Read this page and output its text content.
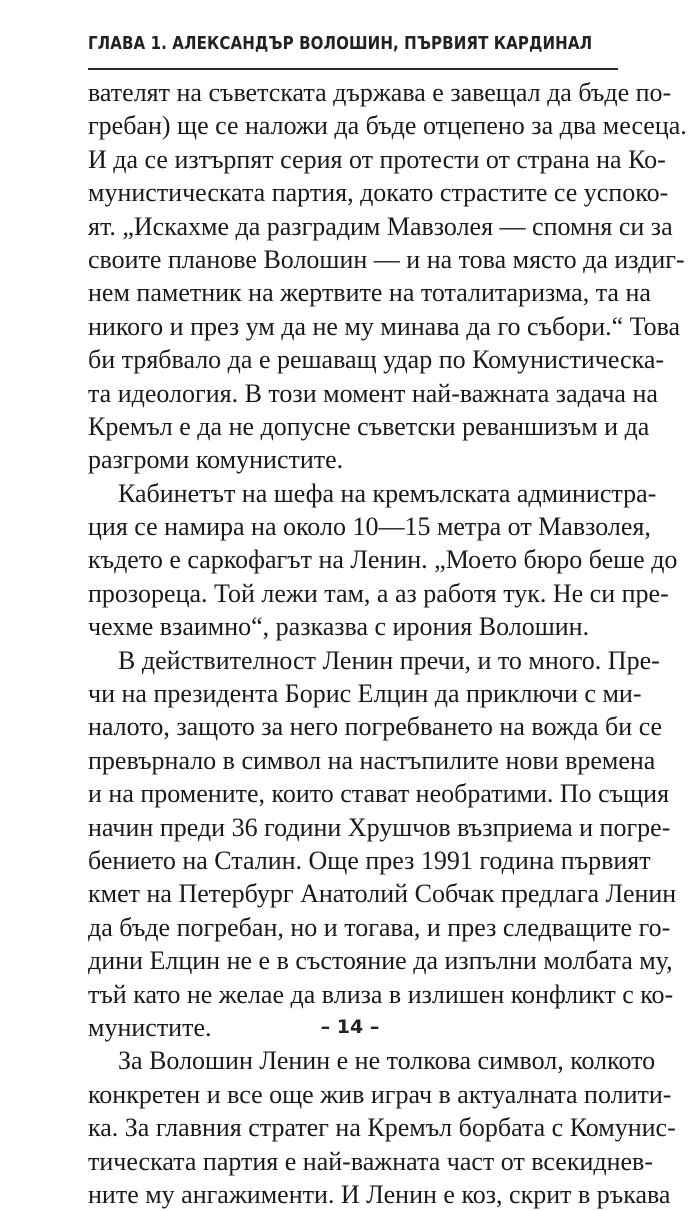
ГЛАВА 1. АЛЕКСАНДЪР ВОЛОШИН, ПЪРВИЯТ КАРДИНАЛ
вателят на съветската държава е завещал да бъде по-
гребан) ще се наложи да бъде отцепено за два месеца.
И да се изтърпят серия от протести от страна на Ко-
мунистическата партия, докато страстите се успоко-
ят. „Искахме да разградим Мавзолея — спомня си за
своите планове Волошин — и на това място да издиг-
нем паметник на жертвите на тоталитаризма, та на
никого и през ум да не му минава да го събори.“ Това
би трябвало да е решаващ удар по Комунистическа-
та идеология. В този момент най-важната задача на
Кремъл е да не допусне съветски реваншизъм и да
разгроми комунистите.
Кабинетът на шефа на кремълската администра-
ция се намира на около 10—15 метра от Мавзолея,
където е саркофагът на Ленин. „Моето бюро беше до
прозореца. Той лежи там, а аз работя тук. Не си пре-
чехме взаимно“, разказва с ирония Волошин.
В действителност Ленин пречи, и то много. Пре-
чи на президента Борис Елцин да приключи с ми-
налото, защото за него погребването на вожда би се
превърнало в символ на настъпилите нови времена
и на промените, които стават необратими. По същия
начин преди 36 години Хрушчов възприема и погре-
бението на Сталин. Още през 1991 година първият
кмет на Петербург Анатолий Собчак предлага Ленин
да бъде погребан, но и тогава, и през следващите го-
дини Елцин не е в състояние да изпълни молбата му,
тъй като не желае да влиза в излишен конфликт с ко-
мунистите.
За Волошин Ленин е не толкова символ, колкото
конкретен и все още жив играч в актуалната полити-
ка. За главния стратег на Кремъл борбата с Комунис-
тическата партия е най-важната част от всекиднев-
ните му ангажименти. И Ленин е коз, скрит в ръкава
– 14 –
